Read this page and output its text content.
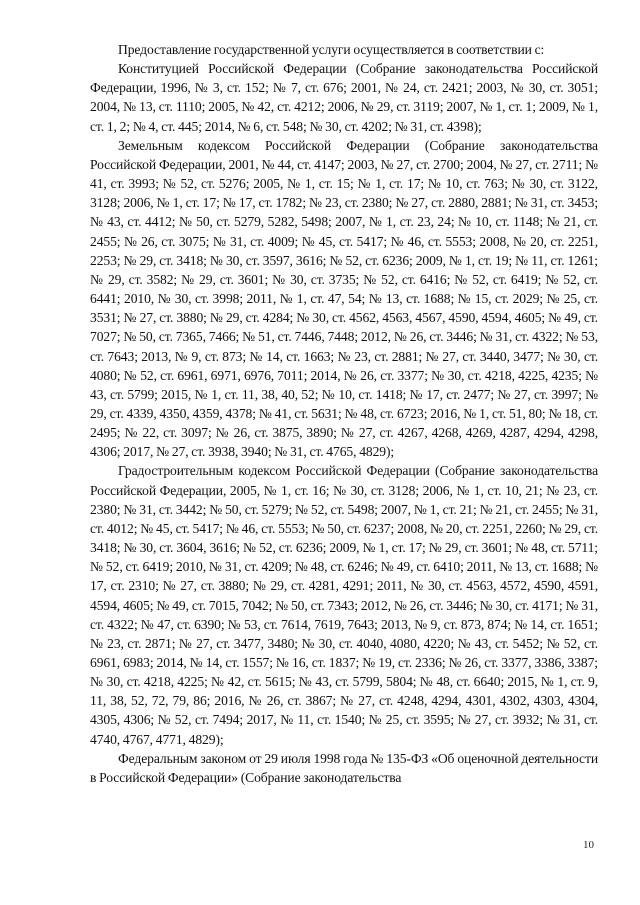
Предоставление государственной услуги осуществляется в соответствии с:

Конституцией Российской Федерации (Собрание законодательства Российской Федерации, 1996, № 3, ст. 152; № 7, ст. 676; 2001, № 24, ст. 2421; 2003, № 30, ст. 3051; 2004, № 13, ст. 1110; 2005, № 42, ст. 4212; 2006, № 29, ст. 3119; 2007, № 1, ст. 1; 2009, № 1, ст. 1, 2; № 4, ст. 445; 2014, № 6, ст. 548; № 30, ст. 4202; № 31, ст. 4398);

Земельным кодексом Российской Федерации (Собрание законодательства Российской Федерации, 2001, № 44, ст. 4147; 2003, № 27, ст. 2700; 2004, № 27, ст. 2711; № 41, ст. 3993; № 52, ст. 5276; 2005, № 1, ст. 15; № 1, ст. 17; № 10, ст. 763; № 30, ст. 3122, 3128; 2006, № 1, ст. 17; № 17, ст. 1782; № 23, ст. 2380; № 27, ст. 2880, 2881; № 31, ст. 3453; № 43, ст. 4412; № 50, ст. 5279, 5282, 5498; 2007, № 1, ст. 23, 24; № 10, ст. 1148; № 21, ст. 2455; № 26, ст. 3075; № 31, ст. 4009; № 45, ст. 5417; № 46, ст. 5553; 2008, № 20, ст. 2251, 2253; № 29, ст. 3418; № 30, ст. 3597, 3616; № 52, ст. 6236; 2009, № 1, ст. 19; № 11, ст. 1261; № 29, ст. 3582; № 29, ст. 3601; № 30, ст. 3735; № 52, ст. 6416; № 52, ст. 6419; № 52, ст. 6441; 2010, № 30, ст. 3998; 2011, № 1, ст. 47, 54; № 13, ст. 1688; № 15, ст. 2029; № 25, ст. 3531; № 27, ст. 3880; № 29, ст. 4284; № 30, ст. 4562, 4563, 4567, 4590, 4594, 4605; № 49, ст. 7027; № 50, ст. 7365, 7466; № 51, ст. 7446, 7448; 2012, № 26, ст. 3446; № 31, ст. 4322; № 53, ст. 7643; 2013, № 9, ст. 873; № 14, ст. 1663; № 23, ст. 2881; № 27, ст. 3440, 3477; № 30, ст. 4080; № 52, ст. 6961, 6971, 6976, 7011; 2014, № 26, ст. 3377; № 30, ст. 4218, 4225, 4235; № 43, ст. 5799; 2015, № 1, ст. 11, 38, 40, 52; № 10, ст. 1418; № 17, ст. 2477; № 27, ст. 3997; № 29, ст. 4339, 4350, 4359, 4378; № 41, ст. 5631; № 48, ст. 6723; 2016, № 1, ст. 51, 80; № 18, ст. 2495; № 22, ст. 3097; № 26, ст. 3875, 3890; № 27, ст. 4267, 4268, 4269, 4287, 4294, 4298, 4306; 2017, № 27, ст. 3938, 3940; № 31, ст. 4765, 4829);

Градостроительным кодексом Российской Федерации (Собрание законодательства Российской Федерации, 2005, № 1, ст. 16; № 30, ст. 3128; 2006, № 1, ст. 10, 21; № 23, ст. 2380; № 31, ст. 3442; № 50, ст. 5279; № 52, ст. 5498; 2007, № 1, ст. 21; № 21, ст. 2455; № 31, ст. 4012; № 45, ст. 5417; № 46, ст. 5553; № 50, ст. 6237; 2008, № 20, ст. 2251, 2260; № 29, ст. 3418; № 30, ст. 3604, 3616; № 52, ст. 6236; 2009, № 1, ст. 17; № 29, ст. 3601; № 48, ст. 5711; № 52, ст. 6419; 2010, № 31, ст. 4209; № 48, ст. 6246; № 49, ст. 6410; 2011, № 13, ст. 1688; № 17, ст. 2310; № 27, ст. 3880; № 29, ст. 4281, 4291; 2011, № 30, ст. 4563, 4572, 4590, 4591, 4594, 4605; № 49, ст. 7015, 7042; № 50, ст. 7343; 2012, № 26, ст. 3446; № 30, ст. 4171; № 31, ст. 4322; № 47, ст. 6390; № 53, ст. 7614, 7619, 7643; 2013, № 9, ст. 873, 874; № 14, ст. 1651; № 23, ст. 2871; № 27, ст. 3477, 3480; № 30, ст. 4040, 4080, 4220; № 43, ст. 5452; № 52, ст. 6961, 6983; 2014, № 14, ст. 1557; № 16, ст. 1837; № 19, ст. 2336; № 26, ст. 3377, 3386, 3387; № 30, ст. 4218, 4225; № 42, ст. 5615; № 43, ст. 5799, 5804; № 48, ст. 6640; 2015, № 1, ст. 9, 11, 38, 52, 72, 79, 86; 2016, № 26, ст. 3867; № 27, ст. 4248, 4294, 4301, 4302, 4303, 4304, 4305, 4306; № 52, ст. 7494; 2017, № 11, ст. 1540; № 25, ст. 3595; № 27, ст. 3932; № 31, ст. 4740, 4767, 4771, 4829);

Федеральным законом от 29 июля 1998 года № 135-ФЗ «Об оценочной деятельности в Российской Федерации» (Собрание законодательства

10
